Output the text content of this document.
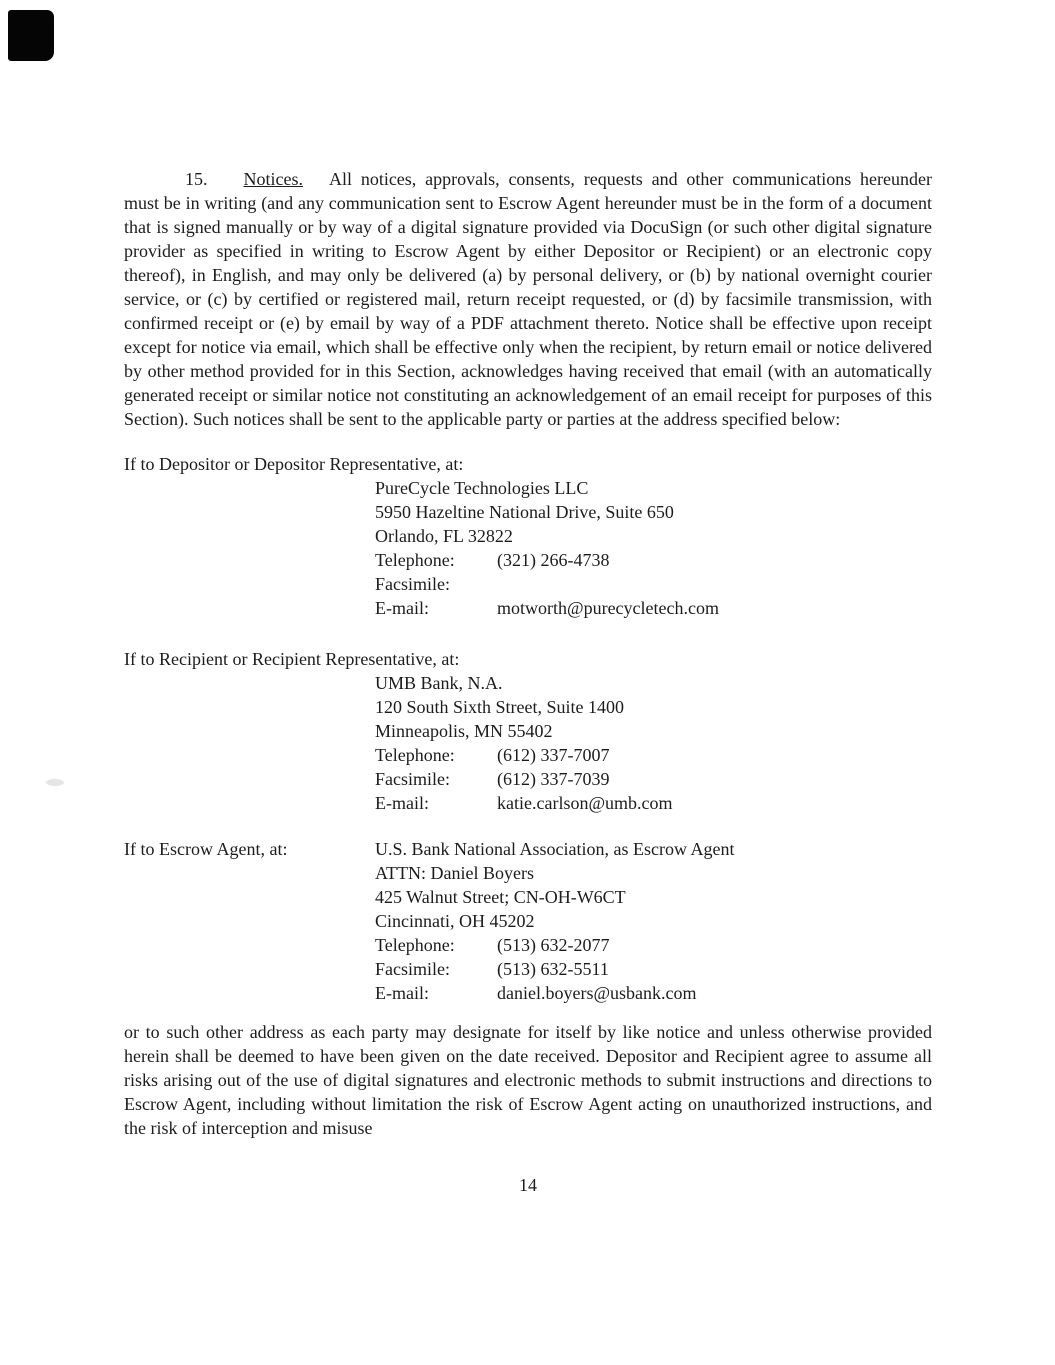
15. Notices. All notices, approvals, consents, requests and other communications hereunder must be in writing (and any communication sent to Escrow Agent hereunder must be in the form of a document that is signed manually or by way of a digital signature provided via DocuSign (or such other digital signature provider as specified in writing to Escrow Agent by either Depositor or Recipient) or an electronic copy thereof), in English, and may only be delivered (a) by personal delivery, or (b) by national overnight courier service, or (c) by certified or registered mail, return receipt requested, or (d) by facsimile transmission, with confirmed receipt or (e) by email by way of a PDF attachment thereto. Notice shall be effective upon receipt except for notice via email, which shall be effective only when the recipient, by return email or notice delivered by other method provided for in this Section, acknowledges having received that email (with an automatically generated receipt or similar notice not constituting an acknowledgement of an email receipt for purposes of this Section). Such notices shall be sent to the applicable party or parties at the address specified below:

If to Depositor or Depositor Representative, at:
PureCycle Technologies LLC
5950 Hazeltine National Drive, Suite 650
Orlando, FL 32822
Telephone: (321) 266-4738
Facsimile:
E-mail:	motworth@purecycletech.com
If to Recipient or Recipient Representative, at:
UMB Bank, N.A.
120 South Sixth Street, Suite 1400
Minneapolis, MN 55402
Telephone: (612) 337-7007
Facsimile:	(612) 337-7039
E-mail:	katie.carlson@umb.com
If to Escrow Agent, at:	U.S. Bank National Association, as Escrow Agent
ATTN: Daniel Boyers
425 Walnut Street; CN-OH-W6CT
Cincinnati, OH 45202
Telephone: (513) 632-2077
Facsimile:	(513) 632-5511
E-mail:	daniel.boyers@usbank.com

or to such other address as each party may designate for itself by like notice and unless otherwise provided herein shall be deemed to have been given on the date received. Depositor and Recipient agree to assume all risks arising out of the use of digital signatures and electronic methods to submit instructions and directions to Escrow Agent, including without limitation the risk of Escrow Agent acting on unauthorized instructions, and the risk of interception and misuse

14
